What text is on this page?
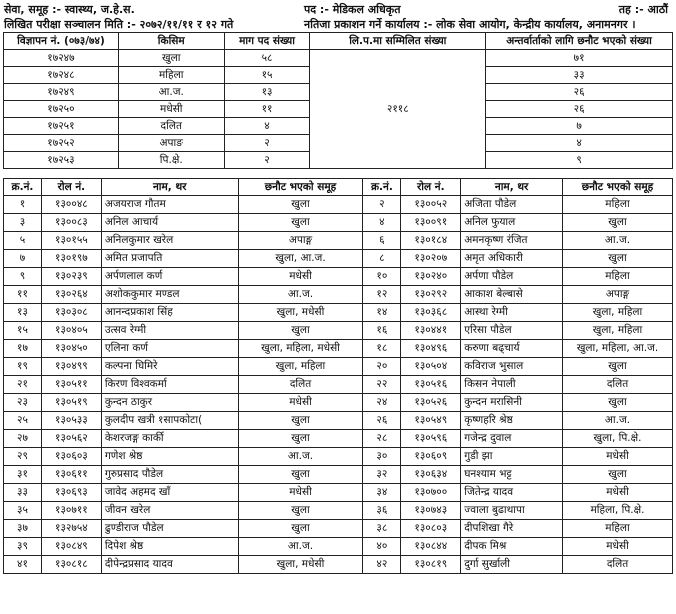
सेवा, समूह :- स्वास्थ्य, ज.हे.स.	पद :- मेडिकल अधिकृत	तह :- आठौं
लिखित परीक्षा सञ्चालन मिति :- २०७२/११/११ र १२ गते	नतिजा प्रकाशन गर्ने कार्यालय :- लोक सेवा आयोग, केन्द्रीय कार्यालय, अनामनगर ।
विज्ञापन नं. (०७३/७४)	किसिम	माग पद संख्या	लि.प.मा सम्मिलित संख्या	अन्तर्वार्ताको लागि छनौट भएको संख्या
१७२४७	खुला	५८	२११८	७१
१७२४८	महिला	१५		३३
१७२४९	आ.ज.	१३		२६
१७२५०	मधेसी	११		२६
१७२५१	दलित	४		७
१७२५२	अपाङ	२		४
१७२५३	पि.क्षे.	२		९
क्र.नं.	रोल नं.	नाम, थर	छनौट भएको समूह	क्र.नं.	रोल नं.	नाम, थर	छनौट भएको समूह
१	१३००४८	अजयराज गौतम	खुला	२	१३००५२	अजिता पौडेल	महिला
३	१३००८३	अनिल आचार्य	खुला	४	१३००९१	अनिल फुयाल	खुला
५	१३०१५५	अनिलकुमार खरेल	अपाङ्ग	६	१३०१८४	अमनकृष्ण रंजित	आ.ज.
७	१३०१९७	अमित प्रजापति	खुला, आ.ज.	८	१३०२०७	अमृत अधिकारी	खुला
९	१३०२३९	अर्पणलाल कर्ण	मधेसी	१०	१३०२४०	अर्पणा पौडेल	महिला
११	१३०२६४	अशोककुमार मण्डल	आ.ज.	१२	१३०२९२	आकाश बेल्बासे	अपाङ्ग
१३	१३०३०८	आनन्दप्रकाश सिंह	खुला, मधेसी	१४	१३०३६८	आस्था रेग्मी	खुला, महिला
१५	१३०४०५	उत्सव रेग्मी	खुला	१६	१३०४४१	एरिसा पौडेल	खुला, महिला
१७	१३०४५०	एलिना कर्ण	खुला, महिला, मधेसी	१८	१३०४९६	करुणा बढ्चार्य	खुला, महिला, आ.ज.
१९	१३०४९९	कल्पना घिमिरे	खुला, महिला	२०	१३०५०४	कविराज भुसाल	खुला
२१	१३०५११	किरण विश्वकर्मा	दलित	२२	१३०५१६	किसन नेपाली	दलित
२३	१३०५१९	कुन्दन ठाकुर	मधेसी	२४	१३०५२६	कुन्दन मरासिनी	खुला
२५	१३०५३३	कुलदीप खत्री १सापकोटा(	खुला	२६	१३०५४९	कृष्णहरि श्रेष्ठ	आ.ज.
२७	१३०५६२	केशरजङ्ग कार्की	खुला	२८	१३०५९६	गजेन्द्र दुवाल	खुला, पि.क्षे.
२९	१३०६०३	गणेश श्रेष्ठ	आ.ज.	३०	१३०६०९	गुडी झा	मधेसी
३१	१३०६११	गुरुप्रसाद पौडेल	खुला	३२	१३०६३४	घनश्याम भट्ट	खुला
३३	१३०६९३	जावेद अहमद खाँ	मधेसी	३४	१३०७००	जितेन्द्र यादव	मधेसी
३५	१३०७११	जीवन खरेल	खुला	३६	१३०७४३	ज्वाला बुढाथापा	महिला, पि.क्षे.
३७	१३२७५४	ढुण्डीराज पौडेल	खुला	३८	१३०८०३	दीपशिखा गैरे	महिला
३९	१३०८४९	दिपेश श्रेष्ठ	आ.ज.	४०	१३०८४४	दीपक मिश्र	मधेसी
४१	१३०८१८	दीपेन्द्रप्रसाद यादव	खुला, मधेसी	४२	१३०८१९	दुर्गा सुर्खाली	दलित
